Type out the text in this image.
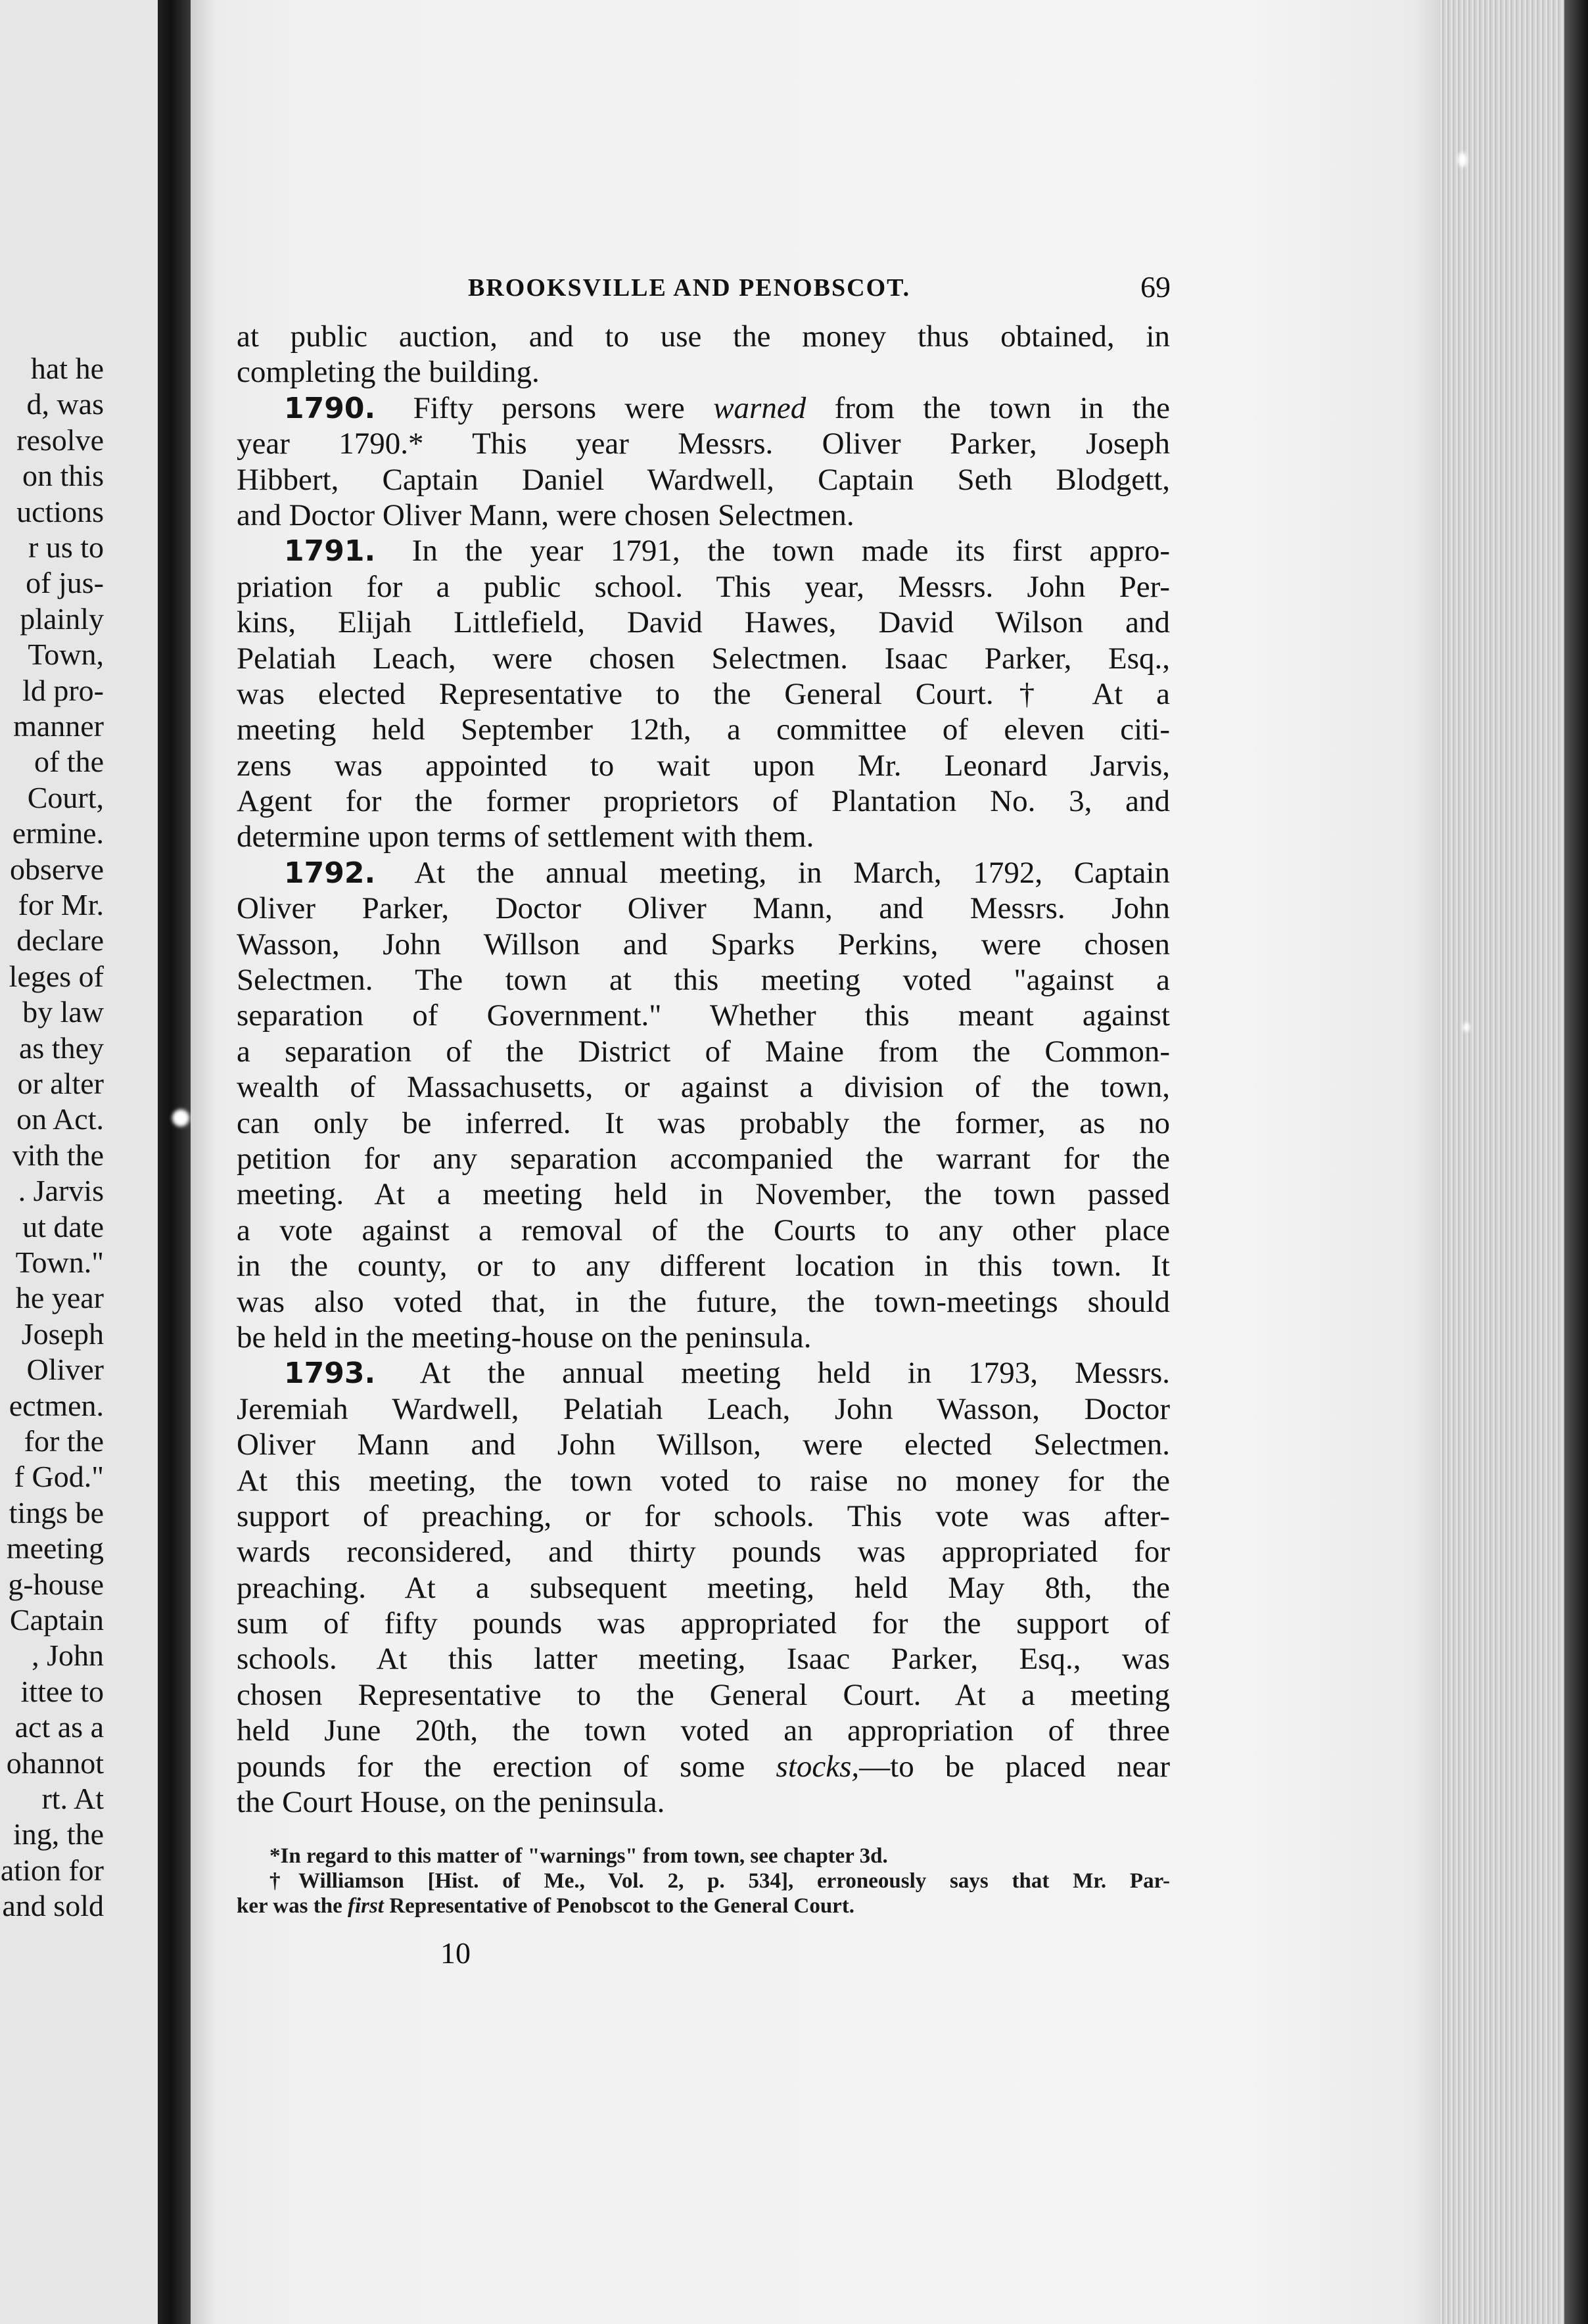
hat he
d, was
resolve
on this
uctions
r us to
of jus-
plainly
Town,
ld pro-
manner
of the
Court,
ermine.
observe
for Mr.
declare
leges of
by law
as they
or alter
on Act.
vith the
. Jarvis
ut date
Town."
he year
Joseph
Oliver
ectmen.
for the
f God."
tings be
meeting
g-house
Captain
, John
ittee to
act as a
ohannot
rt. At
ing, the
ation for
and sold
BROOKSVILLE AND PENOBSCOT.	69
at public auction, and to use the money thus obtained, in
completing the building.
1790. Fifty persons were warned from the town in the
year 1790.* This year Messrs. Oliver Parker, Joseph
Hibbert, Captain Daniel Wardwell, Captain Seth Blodgett,
and Doctor Oliver Mann, were chosen Selectmen.
1791. In the year 1791, the town made its first appro-
priation for a public school. This year, Messrs. John Per-
kins, Elijah Littlefield, David Hawes, David Wilson and
Pelatiah Leach, were chosen Selectmen. Isaac Parker, Esq.,
was elected Representative to the General Court.† At a
meeting held September 12th, a committee of eleven citi-
zens was appointed to wait upon Mr. Leonard Jarvis,
Agent for the former proprietors of Plantation No. 3, and
determine upon terms of settlement with them.
1792. At the annual meeting, in March, 1792, Captain
Oliver Parker, Doctor Oliver Mann, and Messrs. John
Wasson, John Willson and Sparks Perkins, were chosen
Selectmen. The town at this meeting voted "against a
separation of Government." Whether this meant against
a separation of the District of Maine from the Common-
wealth of Massachusetts, or against a division of the town,
can only be inferred. It was probably the former, as no
petition for any separation accompanied the warrant for the
meeting. At a meeting held in November, the town passed
a vote against a removal of the Courts to any other place
in the county, or to any different location in this town. It
was also voted that, in the future, the town-meetings should
be held in the meeting-house on the peninsula.
1793. At the annual meeting held in 1793, Messrs.
Jeremiah Wardwell, Pelatiah Leach, John Wasson, Doctor
Oliver Mann and John Willson, were elected Selectmen.
At this meeting, the town voted to raise no money for the
support of preaching, or for schools. This vote was after-
wards reconsidered, and thirty pounds was appropriated for
preaching. At a subsequent meeting, held May 8th, the
sum of fifty pounds was appropriated for the support of
schools. At this latter meeting, Isaac Parker, Esq., was
chosen Representative to the General Court. At a meeting
held June 20th, the town voted an appropriation of three
pounds for the erection of some stocks,—to be placed near
the Court House, on the peninsula.
*In regard to this matter of "warnings" from town, see chapter 3d.
†Williamson [Hist. of Me., Vol. 2, p. 534], erroneously says that Mr. Par-
ker was the first Representative of Penobscot to the General Court.
10
